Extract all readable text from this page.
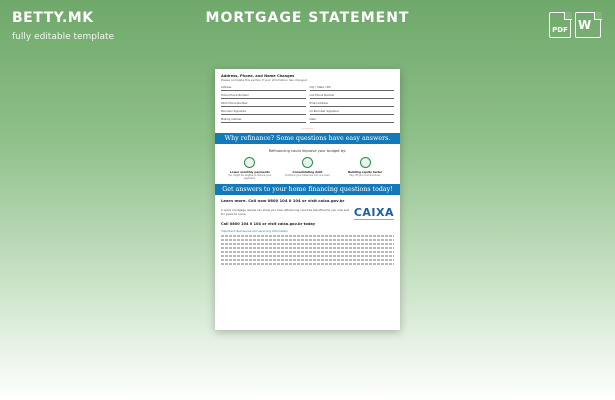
BETTY.MK
fully editable template
MORTGAGE STATEMENT
PDF W
Address, Phone, and Name Changes
Please complete this section if your information has changed.
Address	City / State / ZIP
Home Phone Number	Cell Phone Number
Work Phone Number	Email Address
Borrower Signature	Co-Borrower Signature
Mailing Address	Date
————
Why refinance? Some questions have easy answers.
Refinancing could improve your budget by:
Lower monthly payments
You might be eligible to reduce your payment.
Consolidating debt
Combine your balances into one loan.
Building equity faster
Pay off your home sooner.
Get answers to your home financing questions today!
Learn more. Call now 0800 104 0 104 or visit caixa.gov.br
A quick mortgage review can show you how refinancing could be beneficial to you now and for years to come.	CAIXA
Call 0800 104 0 104 or visit caixa.gov.br today
Important disclosures and servicing information
